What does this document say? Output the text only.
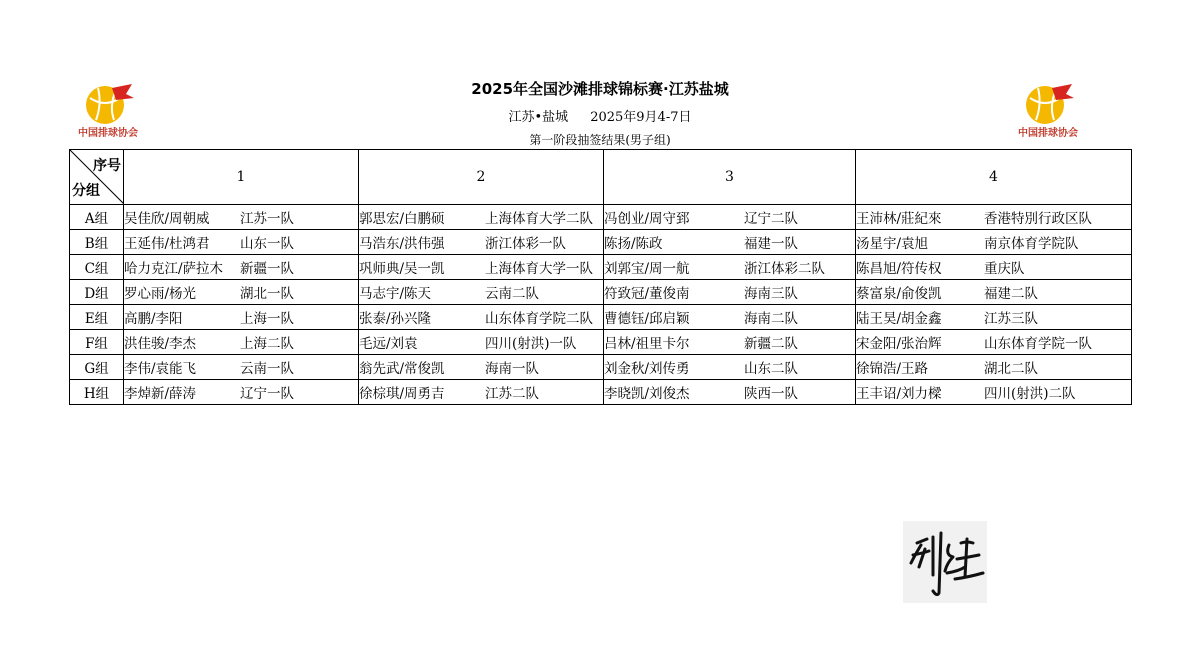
中国排球协会	中国排球协会
2025年全国沙滩排球锦标赛·江苏盐城
江苏•盐城 2025年9月4-7日
第一阶段抽签结果(男子组)
序号
分组	1	2	3	4
A组	吴佳欣/周朝威 江苏一队	郭思宏/白鹏硕 上海体育大学二队	冯创业/周守郅 辽宁二队	王沛林/莊紀來 香港特別行政区队

B组	王延伟/杜鸿君 山东一队	马浩东/洪伟强 浙江体彩一队	陈扬/陈政 福建一队	汤星宇/袁旭 南京体育学院队

C组	哈力克江/萨拉木 新疆一队	巩师典/吴一凯 上海体育大学一队	刘郭宝/周一航 浙江体彩二队	陈昌旭/符传权 重庆队

D组	罗心雨/杨光 湖北一队	马志宇/陈天 云南二队	符致冠/董俊南 海南三队	蔡富泉/俞俊凯 福建二队

E组	高鹏/李阳 上海一队	张泰/孙兴隆 山东体育学院二队	曹德钰/邱启颖 海南二队	陆王昊/胡金鑫 江苏三队

F组	洪佳骏/李杰 上海二队	毛远/刘袁 四川(射洪)一队	吕林/祖里卡尔 新疆二队	宋金阳/张治辉 山东体育学院一队

G组	李伟/袁能飞 云南一队	翁先武/常俊凯 海南一队	刘金秋/刘传勇 山东二队	徐锦浩/王路 湖北二队

H组	李焯新/薛涛 辽宁一队	徐棕琪/周勇吉 江苏二队	李晓凯/刘俊杰 陕西一队	王丰诏/刘力樑 四川(射洪)二队
